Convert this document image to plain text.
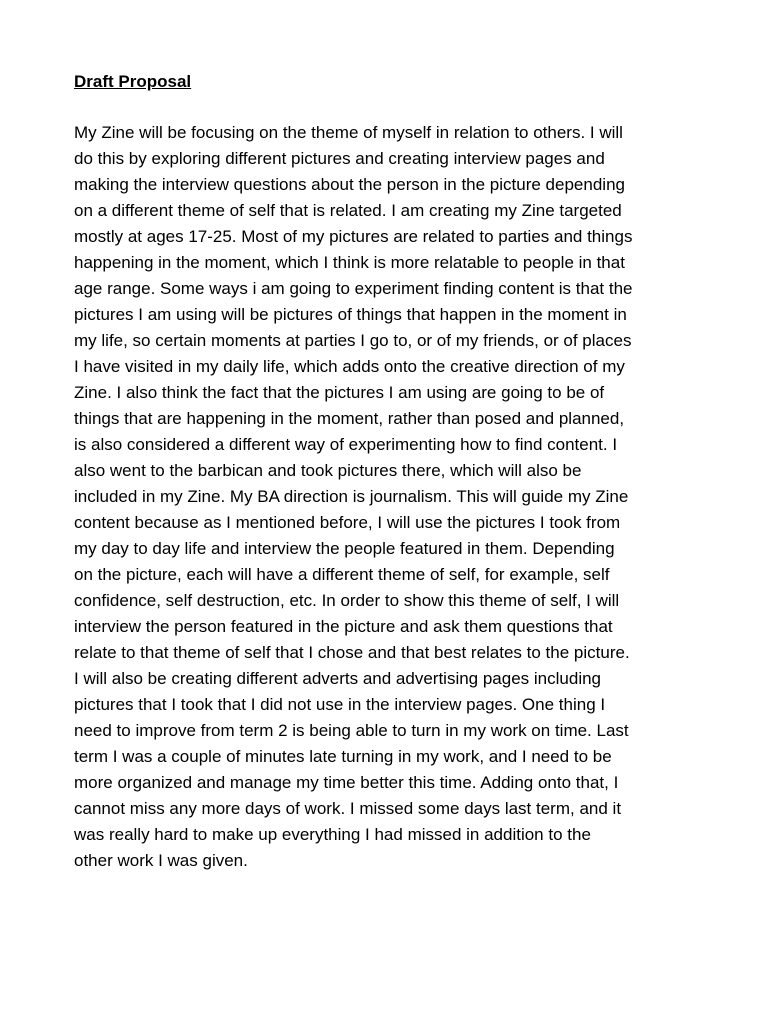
Draft Proposal
My Zine will be focusing on the theme of myself in relation to others. I will
do this by exploring different pictures and creating interview pages and
making the interview questions about the person in the picture depending
on a different theme of self that is related. I am creating my Zine targeted
mostly at ages 17-25. Most of my pictures are related to parties and things
happening in the moment, which I think is more relatable to people in that
age range. Some ways i am going to experiment finding content is that the
pictures I am using will be pictures of things that happen in the moment in
my life, so certain moments at parties I go to, or of my friends, or of places
I have visited in my daily life, which adds onto the creative direction of my
Zine. I also think the fact that the pictures I am using are going to be of
things that are happening in the moment, rather than posed and planned,
is also considered a different way of experimenting how to find content. I
also went to the barbican and took pictures there, which will also be
included in my Zine. My BA direction is journalism. This will guide my Zine
content because as I mentioned before, I will use the pictures I took from
my day to day life and interview the people featured in them. Depending
on the picture, each will have a different theme of self, for example, self
confidence, self destruction, etc. In order to show this theme of self, I will
interview the person featured in the picture and ask them questions that
relate to that theme of self that I chose and that best relates to the picture.
I will also be creating different adverts and advertising pages including
pictures that I took that I did not use in the interview pages. One thing I
need to improve from term 2 is being able to turn in my work on time. Last
term I was a couple of minutes late turning in my work, and I need to be
more organized and manage my time better this time. Adding onto that, I
cannot miss any more days of work. I missed some days last term, and it
was really hard to make up everything I had missed in addition to the
other work I was given.
